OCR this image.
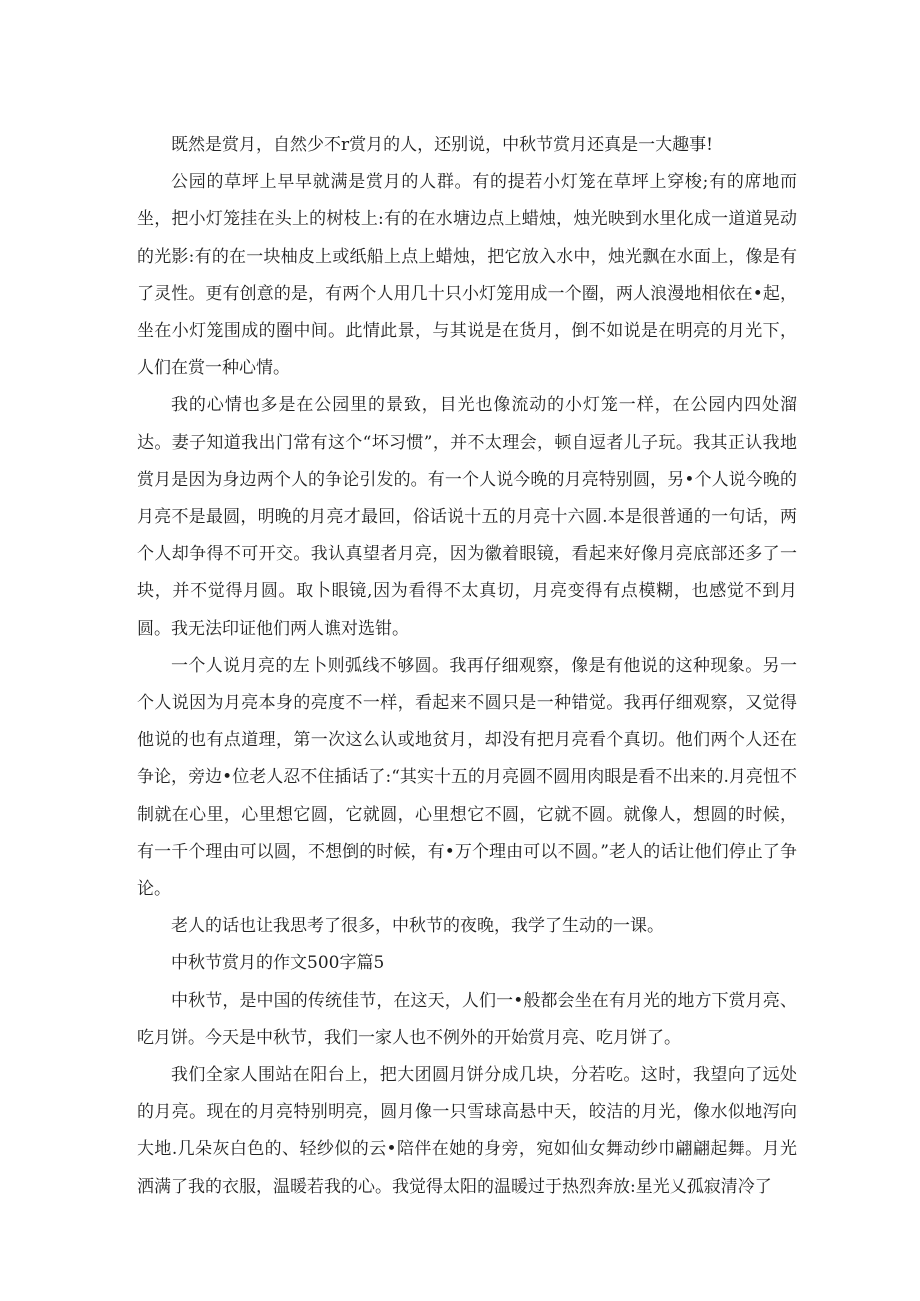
既然是赏月，自然少不r赏月的人，还别说，中秋节赏月还真是一大趣事!

公园的草坪上早早就满是赏月的人群。有的提若小灯笼在草坪上穿梭;有的席地而坐，把小灯笼挂在头上的树枝上:有的在水塘边点上蜡烛，烛光映到水里化成一道道晃动的光影:有的在一块柚皮上或纸船上点上蜡烛，把它放入水中，烛光飘在水面上，像是有了灵性。更有创意的是，有两个人用几十只小灯笼用成一个圈，两人浪漫地相依在•起，坐在小灯笼围成的圈中间。此情此景，与其说是在货月，倒不如说是在明亮的月光下，人们在赏一种心情。

我的心情也多是在公园里的景致，目光也像流动的小灯笼一样，在公园内四处溜达。妻子知道我出门常有这个“坏习惯”，并不太理会，顿自逗者儿子玩。我其正认我地赏月是因为身边两个人的争论引发的。有一个人说今晚的月亮特别圆，另•个人说今晚的月亮不是最圆，明晚的月亮才最回，俗话说十五的月亮十六圆.本是很普通的一句话，两个人却争得不可开交。我认真望者月亮，因为徽着眼镜，看起来好像月亮底部还多了一块，并不觉得月圆。取卜眼镜,因为看得不太真切，月亮变得有点模糊，也感觉不到月圆。我无法印证他们两人谯对选钳。

一个人说月亮的左卜则弧线不够圆。我再仔细观察，像是有他说的这种现象。另一个人说因为月亮本身的亮度不一样，看起来不圆只是一种错觉。我再仔细观察，又觉得他说的也有点道理，第一次这么认或地贫月，却没有把月亮看个真切。他们两个人还在争论，旁边•位老人忍不住插话了:“其实十五的月亮圆不圆用肉眼是看不出来的.月亮忸不制就在心里，心里想它圆，它就圆，心里想它不圆，它就不圆。就像人，想圆的时候，有一千个理由可以圆，不想倒的时候，有•万个理由可以不圆。”老人的话让他们停止了争论。

老人的话也让我思考了很多，中秋节的夜晚，我学了生动的一课。

中秋节赏月的作文500字篇5

中秋节，是中国的传统佳节，在这天，人们一•般都会坐在有月光的地方下赏月亮、吃月饼。今天是中秋节，我们一家人也不例外的开始赏月亮、吃月饼了。

我们全家人围站在阳台上，把大团圆月饼分成几块，分若吃。这时，我望向了远处的月亮。现在的月亮特别明亮，圆月像一只雪球高悬中天，皎洁的月光，像水似地泻向大地.几朵灰白色的、轻纱似的云•陪伴在她的身旁，宛如仙女舞动纱巾翩翩起舞。月光洒满了我的衣服，温暖若我的心。我觉得太阳的温暖过于热烈奔放:星光乂孤寂清冷了
